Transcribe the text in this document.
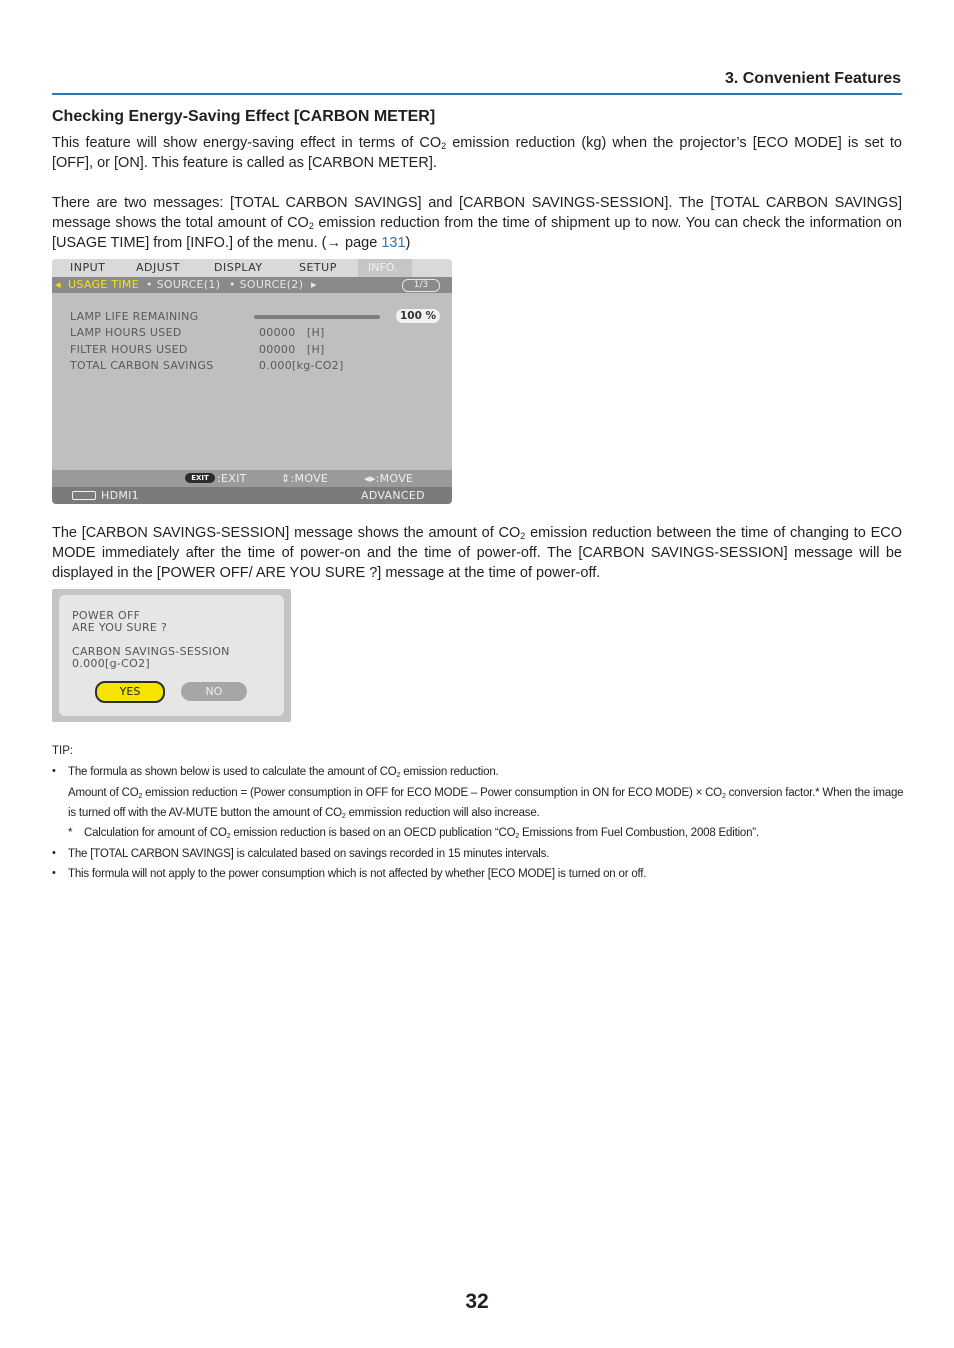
3. Convenient Features
Checking Energy-Saving Effect [CARBON METER]
This feature will show energy-saving effect in terms of $CO_2$ emission reduction (kg) when the projector’s [ECO MODE] is set to [OFF], or [ON]. This feature is called as [CARBON METER].
There are two messages: [TOTAL CARBON SAVINGS] and [CARBON SAVINGS-SESSION]. The [TOTAL CARBON SAVINGS] message shows the total amount of $CO_2$ emission reduction from the time of shipment up to now. You can check the information on [USAGE TIME] from [INFO.] of the menu. (→ page 131)
INPUT	ADJUST	DISPLAY	SETUP	INFO.
◂ USAGE TIME • SOURCE(1) • SOURCE(2) ▸	1/3
LAMP LIFE REMAINING	100 %
LAMP HOURS USED	00000   [H]
FILTER HOURS USED	00000   [H]
TOTAL CARBON SAVINGS	0.000[kg-CO2]
EXIT :EXIT	⇕:MOVE	◂▸:MOVE
HDMI1	ADVANCED
The [CARBON SAVINGS-SESSION] message shows the amount of $CO_2$ emission reduction between the time of changing to ECO MODE immediately after the time of power-on and the time of power-off. The [CARBON SAVINGS-SESSION] message will be displayed in the [POWER OFF/ ARE YOU SURE ?] message at the time of power-off.
POWER OFF
ARE YOU SURE ?
CARBON SAVINGS-SESSION
0.000[g-CO2]
YES	NO
TIP:
• The formula as shown below is used to calculate the amount of $CO_2$ emission reduction.
Amount of $CO_2$ emission reduction = (Power consumption in OFF for ECO MODE – Power consumption in ON for ECO MODE) × $CO_2$ conversion factor.* When the image
is turned off with the AV-MUTE button the amount of $CO_2$ emmission reduction will also increase.
* Calculation for amount of $CO_2$ emission reduction is based on an OECD publication “$CO_2$ Emissions from Fuel Combustion, 2008 Edition”.
• The [TOTAL CARBON SAVINGS] is calculated based on savings recorded in 15 minutes intervals.
• This formula will not apply to the power consumption which is not affected by whether [ECO MODE] is turned on or off.
32
